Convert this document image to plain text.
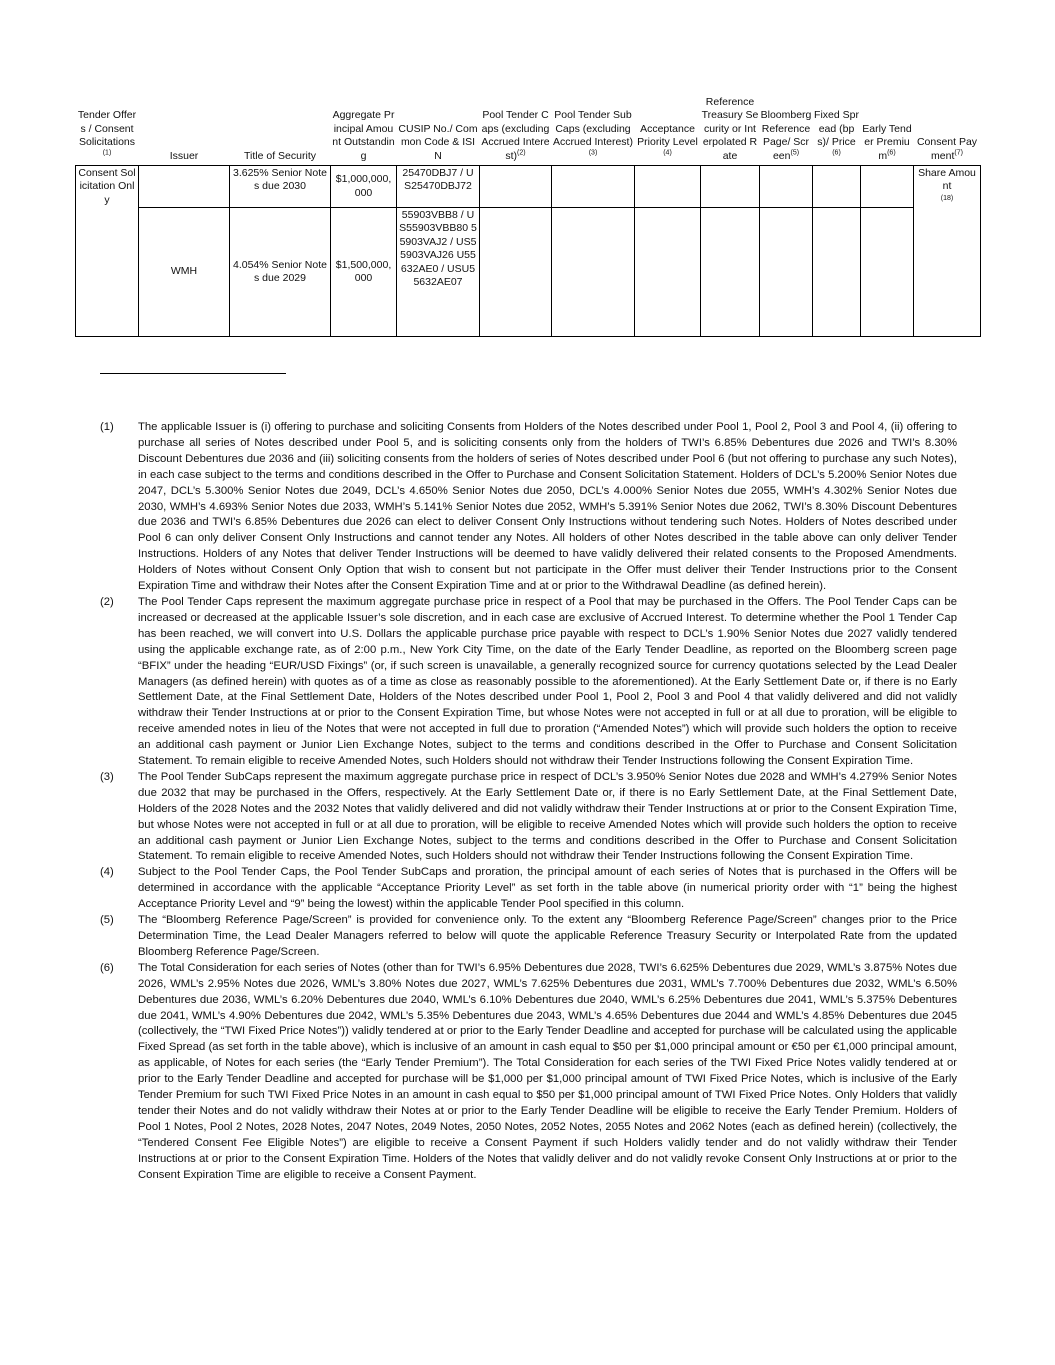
Tender Offers / Consent Solicitations$^{(1)}$	Issuer	Title of Security	Aggregate Principal Amount Outstanding	CUSIP No./ Common Code & ISIN	Pool Tender Caps (excluding Accrued Interest)$^{(2)}$	Pool Tender SubCaps (excluding Accrued Interest)$^{(3)}$	Acceptance Priority Level$^{(4)}$	Reference Treasury Security or Interpolated Rate	Bloomberg Reference Page/ Screen$^{(5)}$	Fixed Spread (bps)/ Price$^{(6)}$	Early Tender Premium$^{(6)}$	Consent Payment$^{(7)}$
Consent Solicitation Only		3.625% Senior Notes due 2030	$1,000,000,000	25470DBJ7 / US25470DBJ72								Share Amount
(18)

	WMH	4.054% Senior Notes due 2029	$1,500,000,000	55903VBB8 / US55903VBB80 55903VAJ2 / US55903VAJ26 U55632AE0 / USU55632AE07								
(1)	The applicable Issuer is (i) offering to purchase and soliciting Consents from Holders of the Notes described under Pool 1, Pool 2, Pool 3 and Pool 4, (ii) offering to purchase all series of Notes described under Pool 5, and is soliciting consents only from the holders of TWI’s 6.85% Debentures due 2026 and TWI’s 8.30% Discount Debentures due 2036 and (iii) soliciting consents from the holders of series of Notes described under Pool 6 (but not offering to purchase any such Notes), in each case subject to the terms and conditions described in the Offer to Purchase and Consent Solicitation Statement. Holders of DCL’s 5.200% Senior Notes due 2047, DCL’s 5.300% Senior Notes due 2049, DCL’s 4.650% Senior Notes due 2050, DCL’s 4.000% Senior Notes due 2055, WMH’s 4.302% Senior Notes due 2030, WMH’s 4.693% Senior Notes due 2033, WMH’s 5.141% Senior Notes due 2052, WMH’s 5.391% Senior Notes due 2062, TWI’s 8.30% Discount Debentures due 2036 and TWI’s 6.85% Debentures due 2026 can elect to deliver Consent Only Instructions without tendering such Notes. Holders of Notes described under Pool 6 can only deliver Consent Only Instructions and cannot tender any Notes. All holders of other Notes described in the table above can only deliver Tender Instructions. Holders of any Notes that deliver Tender Instructions will be deemed to have validly delivered their related consents to the Proposed Amendments. Holders of Notes without Consent Only Option that wish to consent but not participate in the Offer must deliver their Tender Instructions prior to the Consent Expiration Time and withdraw their Notes after the Consent Expiration Time and at or prior to the Withdrawal Deadline (as defined herein).
(2)	The Pool Tender Caps represent the maximum aggregate purchase price in respect of a Pool that may be purchased in the Offers. The Pool Tender Caps can be increased or decreased at the applicable Issuer’s sole discretion, and in each case are exclusive of Accrued Interest. To determine whether the Pool 1 Tender Cap has been reached, we will convert into U.S. Dollars the applicable purchase price payable with respect to DCL’s 1.90% Senior Notes due 2027 validly tendered using the applicable exchange rate, as of 2:00 p.m., New York City Time, on the date of the Early Tender Deadline, as reported on the Bloomberg screen page “BFIX” under the heading “EUR/USD Fixings” (or, if such screen is unavailable, a generally recognized source for currency quotations selected by the Lead Dealer Managers (as defined herein) with quotes as of a time as close as reasonably possible to the aforementioned). At the Early Settlement Date or, if there is no Early Settlement Date, at the Final Settlement Date, Holders of the Notes described under Pool 1, Pool 2, Pool 3 and Pool 4 that validly delivered and did not validly withdraw their Tender Instructions at or prior to the Consent Expiration Time, but whose Notes were not accepted in full or at all due to proration, will be eligible to receive amended notes in lieu of the Notes that were not accepted in full due to proration (“Amended Notes”) which will provide such holders the option to receive an additional cash payment or Junior Lien Exchange Notes, subject to the terms and conditions described in the Offer to Purchase and Consent Solicitation Statement. To remain eligible to receive Amended Notes, such Holders should not withdraw their Tender Instructions following the Consent Expiration Time.
(3)	The Pool Tender SubCaps represent the maximum aggregate purchase price in respect of DCL’s 3.950% Senior Notes due 2028 and WMH’s 4.279% Senior Notes due 2032 that may be purchased in the Offers, respectively. At the Early Settlement Date or, if there is no Early Settlement Date, at the Final Settlement Date, Holders of the 2028 Notes and the 2032 Notes that validly delivered and did not validly withdraw their Tender Instructions at or prior to the Consent Expiration Time, but whose Notes were not accepted in full or at all due to proration, will be eligible to receive Amended Notes which will provide such holders the option to receive an additional cash payment or Junior Lien Exchange Notes, subject to the terms and conditions described in the Offer to Purchase and Consent Solicitation Statement. To remain eligible to receive Amended Notes, such Holders should not withdraw their Tender Instructions following the Consent Expiration Time.
(4)	Subject to the Pool Tender Caps, the Pool Tender SubCaps and proration, the principal amount of each series of Notes that is purchased in the Offers will be determined in accordance with the applicable “Acceptance Priority Level” as set forth in the table above (in numerical priority order with “1” being the highest Acceptance Priority Level and “9” being the lowest) within the applicable Tender Pool specified in this column.
(5)	The “Bloomberg Reference Page/Screen” is provided for convenience only. To the extent any “Bloomberg Reference Page/Screen” changes prior to the Price Determination Time, the Lead Dealer Managers referred to below will quote the applicable Reference Treasury Security or Interpolated Rate from the updated Bloomberg Reference Page/Screen.
(6)	The Total Consideration for each series of Notes (other than for TWI’s 6.95% Debentures due 2028, TWI’s 6.625% Debentures due 2029, WML’s 3.875% Notes due 2026, WML’s 2.95% Notes due 2026, WML’s 3.80% Notes due 2027, WML’s 7.625% Debentures due 2031, WML’s 7.700% Debentures due 2032, WML’s 6.50% Debentures due 2036, WML’s 6.20% Debentures due 2040, WML’s 6.10% Debentures due 2040, WML’s 6.25% Debentures due 2041, WML’s 5.375% Debentures due 2041, WML’s 4.90% Debentures due 2042, WML’s 5.35% Debentures due 2043, WML’s 4.65% Debentures due 2044 and WML’s 4.85% Debentures due 2045 (collectively, the “TWI Fixed Price Notes”)) validly tendered at or prior to the Early Tender Deadline and accepted for purchase will be calculated using the applicable Fixed Spread (as set forth in the table above), which is inclusive of an amount in cash equal to $50 per $1,000 principal amount or €50 per €1,000 principal amount, as applicable, of Notes for each series (the “Early Tender Premium”). The Total Consideration for each series of the TWI Fixed Price Notes validly tendered at or prior to the Early Tender Deadline and accepted for purchase will be $1,000 per $1,000 principal amount of TWI Fixed Price Notes, which is inclusive of the Early Tender Premium for such TWI Fixed Price Notes in an amount in cash equal to $50 per $1,000 principal amount of TWI Fixed Price Notes. Only Holders that validly tender their Notes and do not validly withdraw their Notes at or prior to the Early Tender Deadline will be eligible to receive the Early Tender Premium. Holders of Pool 1 Notes, Pool 2 Notes, 2028 Notes, 2047 Notes, 2049 Notes, 2050 Notes, 2052 Notes, 2055 Notes and 2062 Notes (each as defined herein) (collectively, the “Tendered Consent Fee Eligible Notes”) are eligible to receive a Consent Payment if such Holders validly tender and do not validly withdraw their Tender Instructions at or prior to the Consent Expiration Time. Holders of the Notes that validly deliver and do not validly revoke Consent Only Instructions at or prior to the Consent Expiration Time are eligible to receive a Consent Payment.
